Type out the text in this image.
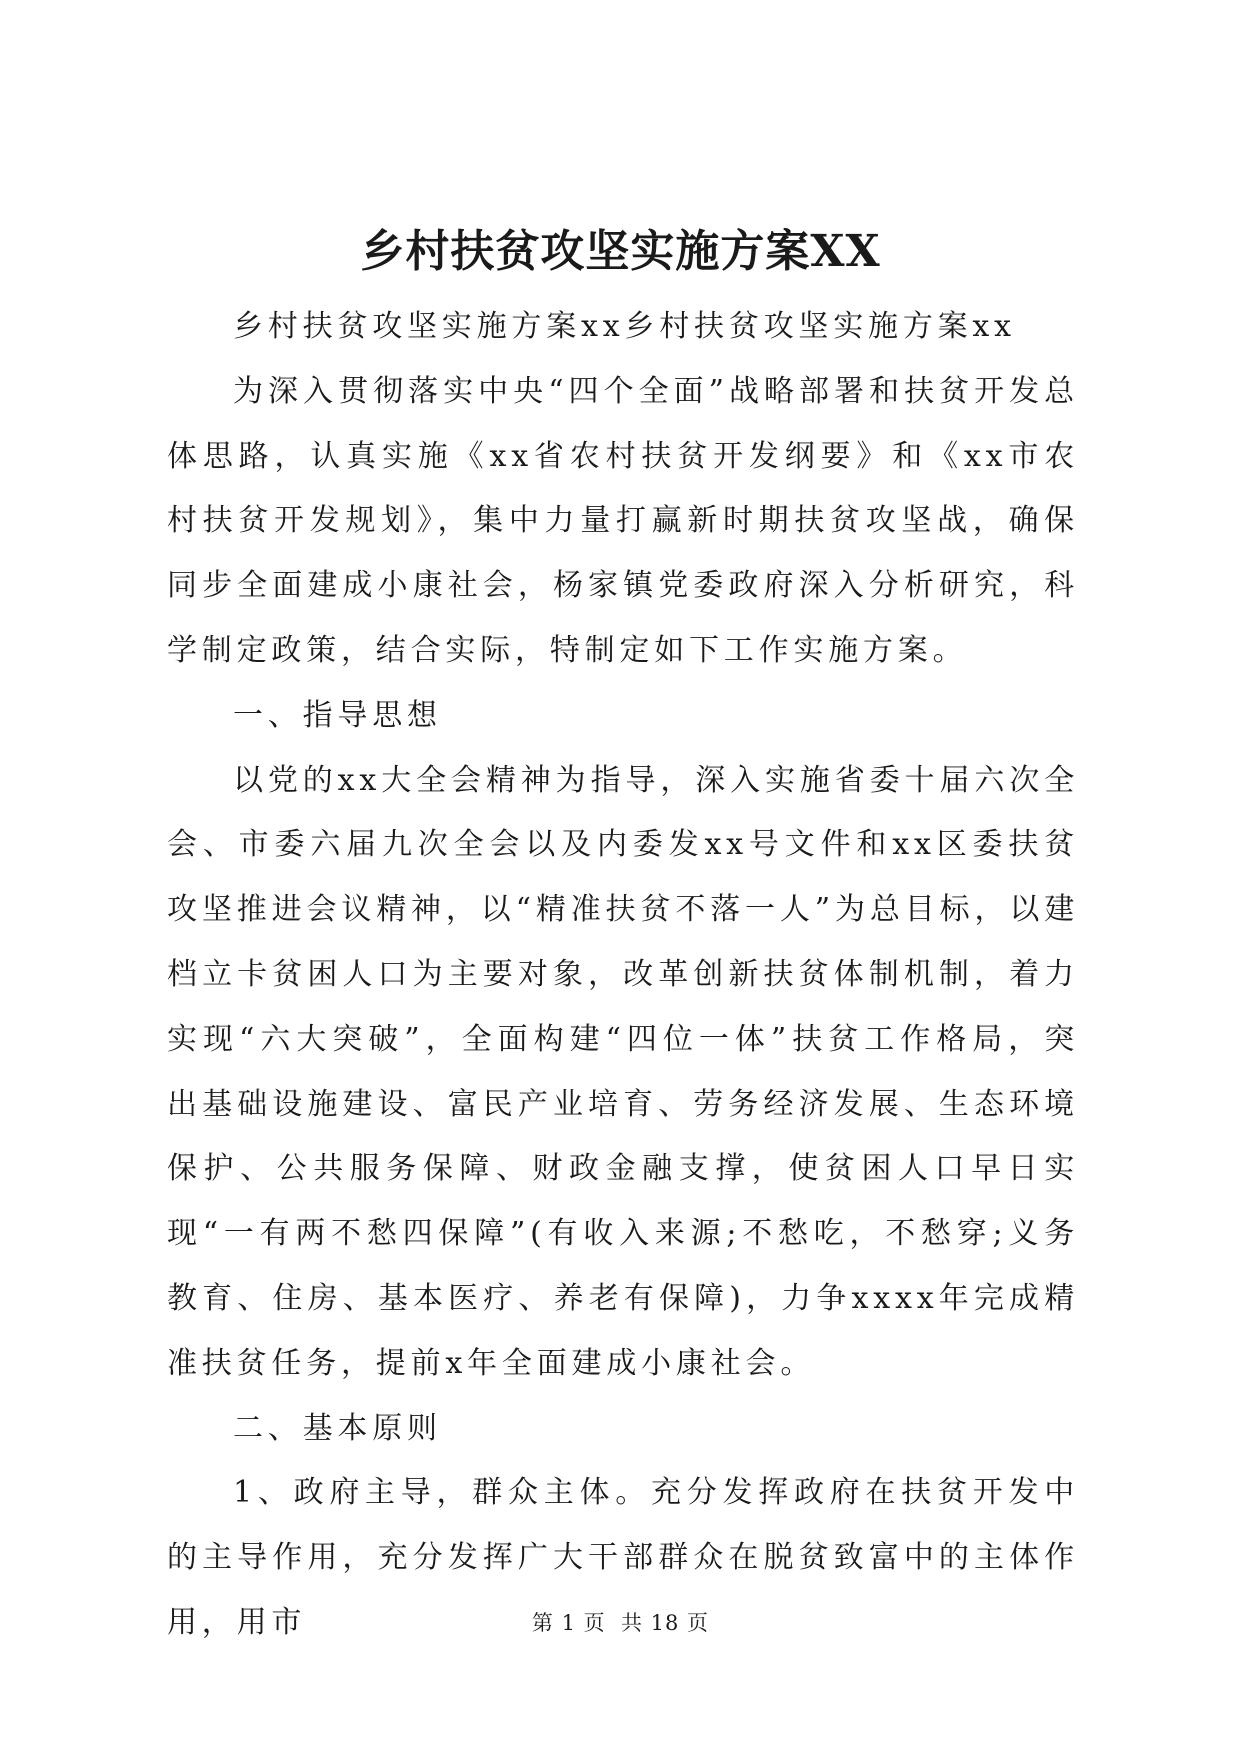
乡村扶贫攻坚实施方案XX

乡村扶贫攻坚实施方案xx乡村扶贫攻坚实施方案xx

为深入贯彻落实中央“四个全面”战略部署和扶贫开发总体思路，认真实施《xx省农村扶贫开发纲要》和《xx市农村扶贫开发规划》，集中力量打赢新时期扶贫攻坚战，确保同步全面建成小康社会，杨家镇党委政府深入分析研究，科学制定政策，结合实际，特制定如下工作实施方案。

一、指导思想

以党的xx大全会精神为指导，深入实施省委十届六次全会、市委六届九次全会以及内委发xx号文件和xx区委扶贫攻坚推进会议精神，以“精准扶贫不落一人”为总目标，以建档立卡贫困人口为主要对象，改革创新扶贫体制机制，着力实现“六大突破”，全面构建“四位一体”扶贫工作格局，突出基础设施建设、富民产业培育、劳务经济发展、生态环境保护、公共服务保障、财政金融支撑，使贫困人口早日实现“一有两不愁四保障”(有收入来源;不愁吃，不愁穿;义务教育、住房、基本医疗、养老有保障)，力争xxxx年完成精准扶贫任务，提前x年全面建成小康社会。

二、基本原则

1、政府主导，群众主体。充分发挥政府在扶贫开发中的主导作用，充分发挥广大干部群众在脱贫致富中的主体作用，用市	第 1 页  共 18 页
